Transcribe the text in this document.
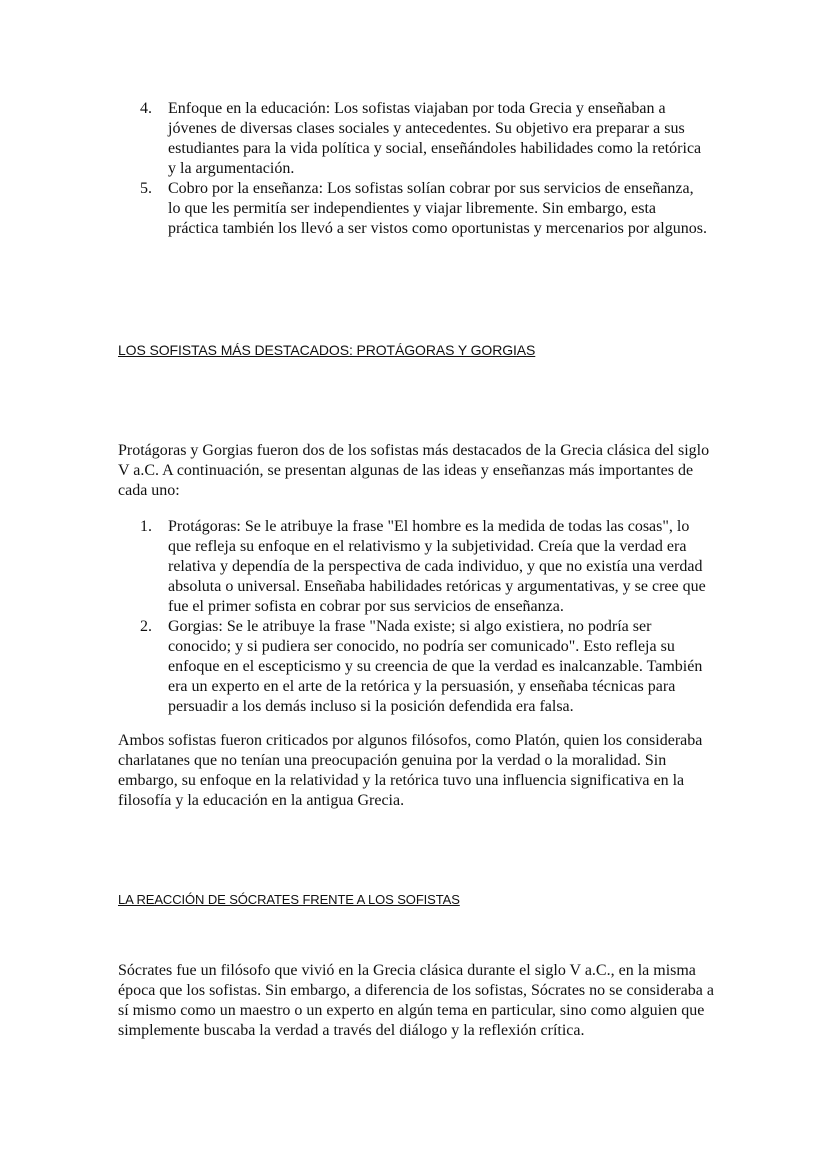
4. Enfoque en la educación: Los sofistas viajaban por toda Grecia y enseñaban a jóvenes de diversas clases sociales y antecedentes. Su objetivo era preparar a sus estudiantes para la vida política y social, enseñándoles habilidades como la retórica y la argumentación.
5. Cobro por la enseñanza: Los sofistas solían cobrar por sus servicios de enseñanza, lo que les permitía ser independientes y viajar libremente. Sin embargo, esta práctica también los llevó a ser vistos como oportunistas y mercenarios por algunos.
LOS SOFISTAS MÁS DESTACADOS: PROTÁGORAS Y GORGIAS

Protágoras y Gorgias fueron dos de los sofistas más destacados de la Grecia clásica del siglo V a.C. A continuación, se presentan algunas de las ideas y enseñanzas más importantes de cada uno:

1. Protágoras: Se le atribuye la frase "El hombre es la medida de todas las cosas", lo que refleja su enfoque en el relativismo y la subjetividad. Creía que la verdad era relativa y dependía de la perspectiva de cada individuo, y que no existía una verdad absoluta o universal. Enseñaba habilidades retóricas y argumentativas, y se cree que fue el primer sofista en cobrar por sus servicios de enseñanza.
2. Gorgias: Se le atribuye la frase "Nada existe; si algo existiera, no podría ser conocido; y si pudiera ser conocido, no podría ser comunicado". Esto refleja su enfoque en el escepticismo y su creencia de que la verdad es inalcanzable. También era un experto en el arte de la retórica y la persuasión, y enseñaba técnicas para persuadir a los demás incluso si la posición defendida era falsa.

Ambos sofistas fueron criticados por algunos filósofos, como Platón, quien los consideraba charlatanes que no tenían una preocupación genuina por la verdad o la moralidad. Sin embargo, su enfoque en la relatividad y la retórica tuvo una influencia significativa en la filosofía y la educación en la antigua Grecia.

LA REACCIÓN DE SÓCRATES FRENTE A LOS SOFISTAS

Sócrates fue un filósofo que vivió en la Grecia clásica durante el siglo V a.C., en la misma época que los sofistas. Sin embargo, a diferencia de los sofistas, Sócrates no se consideraba a sí mismo como un maestro o un experto en algún tema en particular, sino como alguien que simplemente buscaba la verdad a través del diálogo y la reflexión crítica.
